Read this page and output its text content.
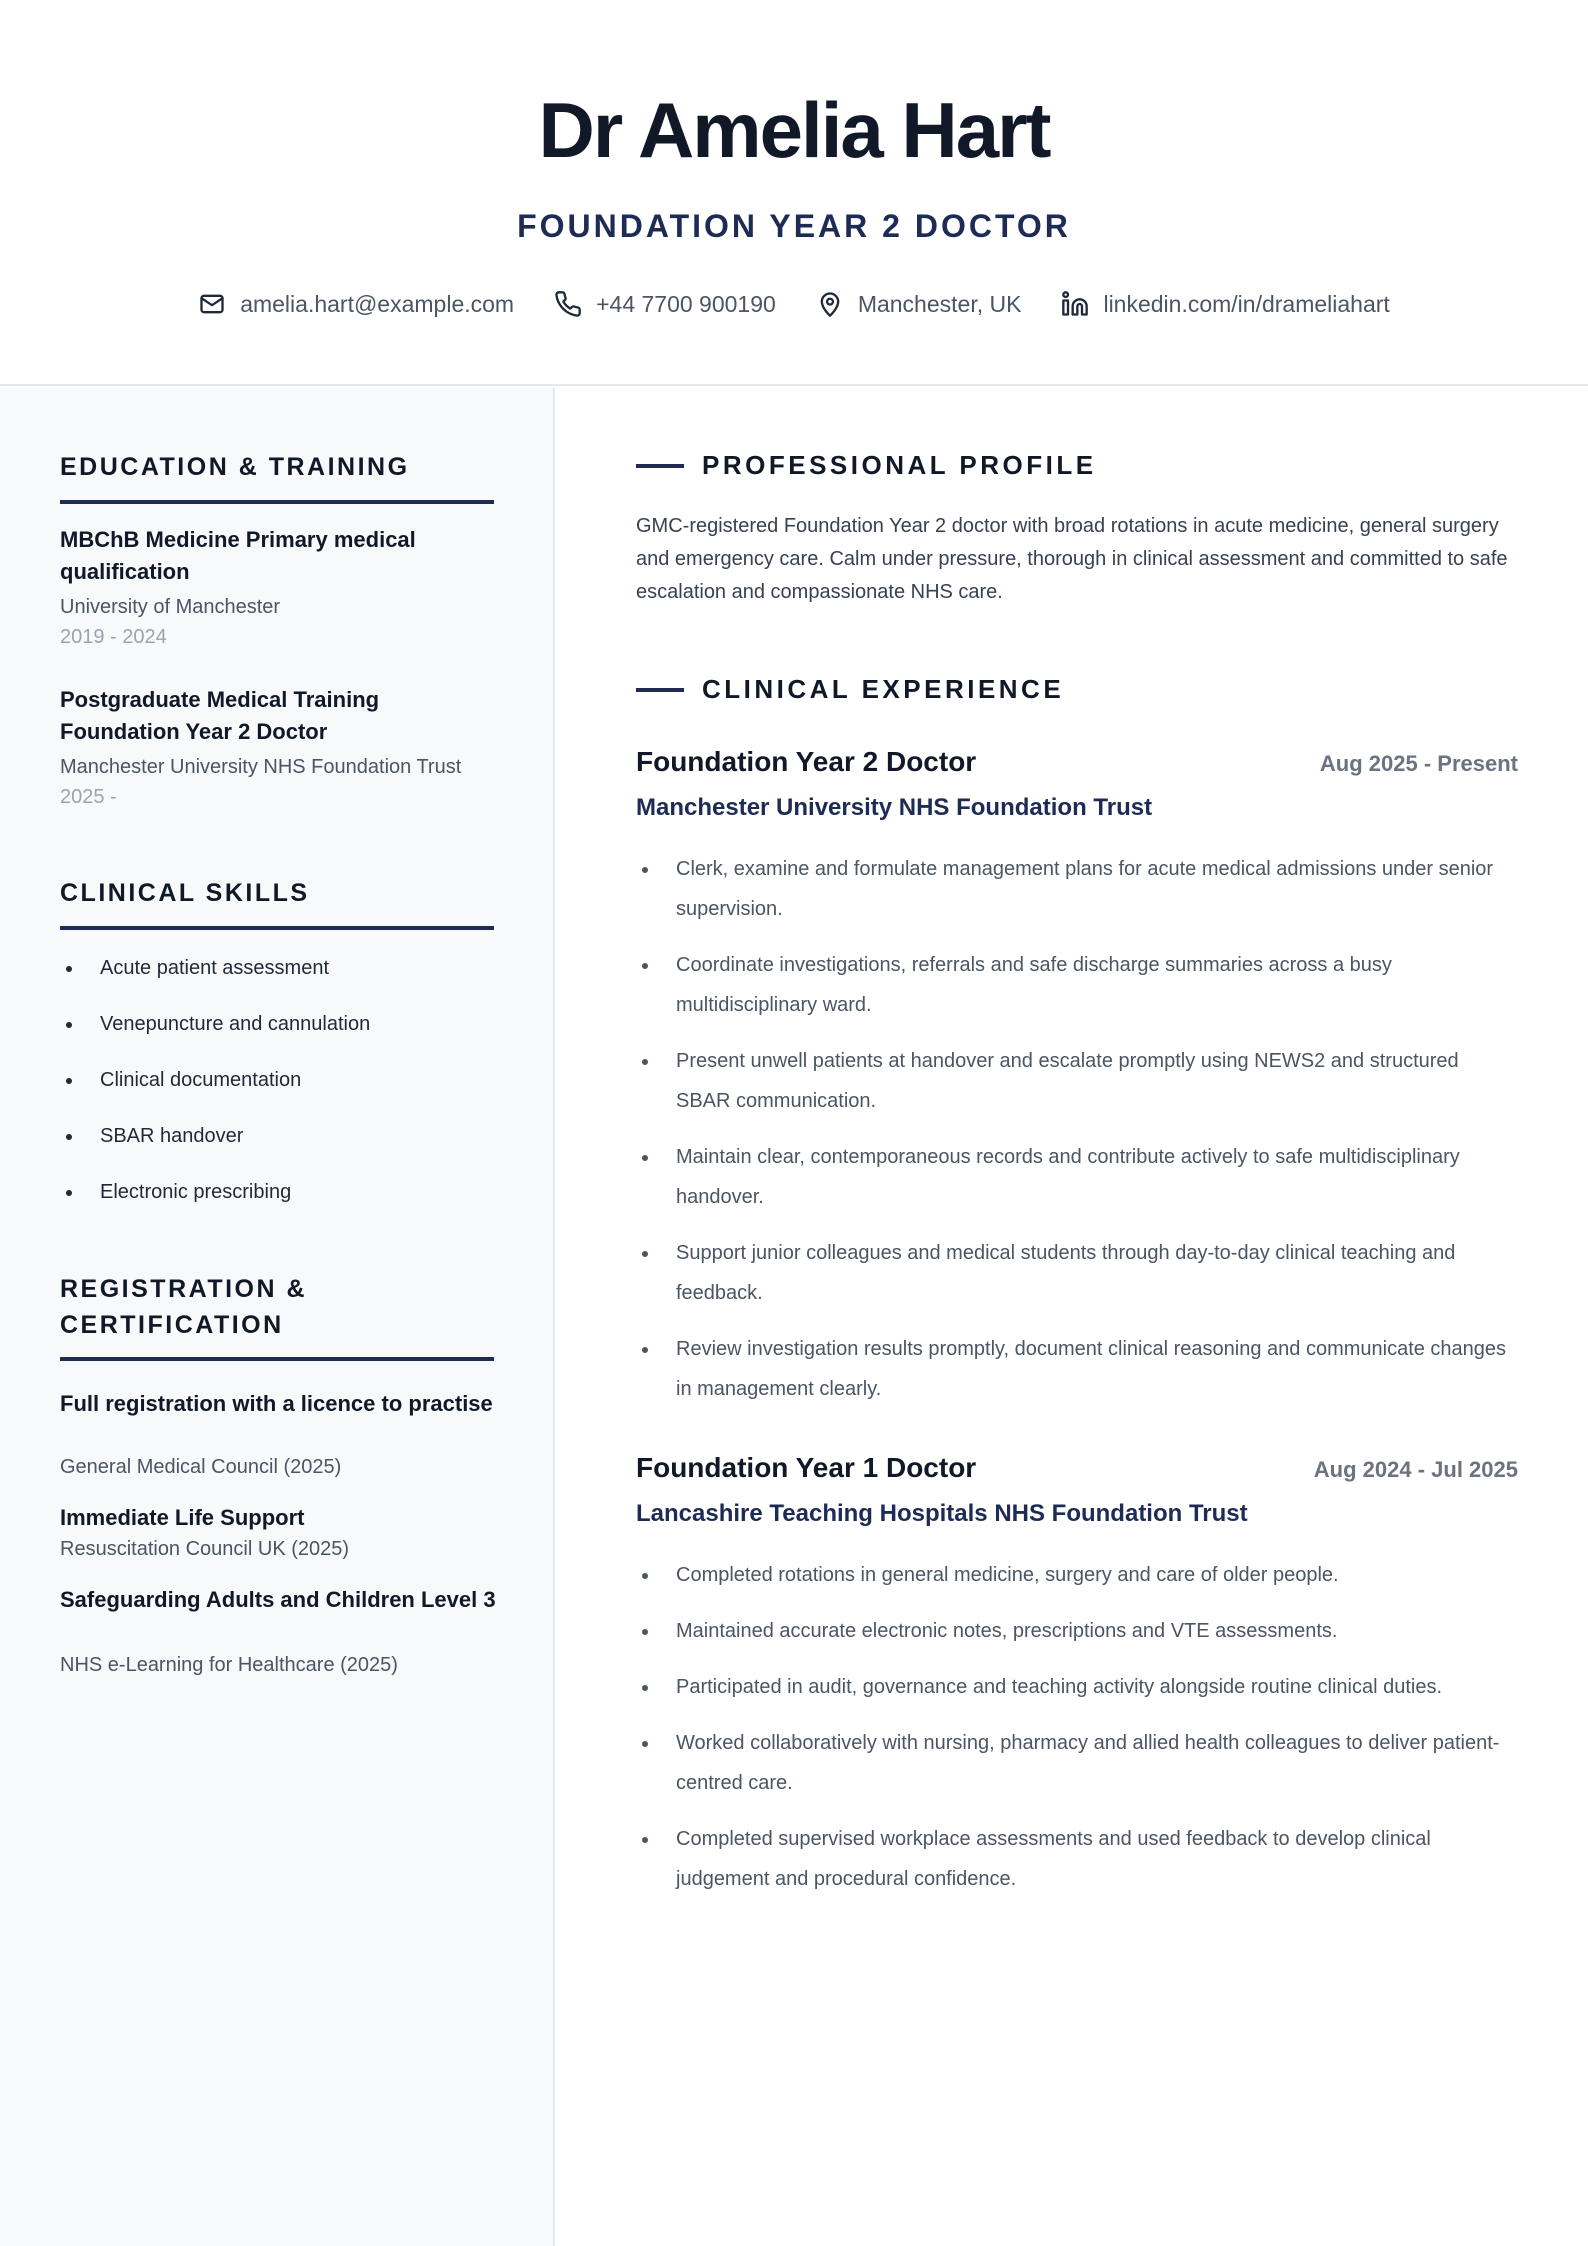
Dr Amelia Hart
FOUNDATION YEAR 2 DOCTOR
amelia.hart@example.com	+44 7700 900190	Manchester, UK	linkedin.com/in/drameliahart
EDUCATION & TRAINING
MBChB Medicine Primary medical qualification
University of Manchester
2019 - 2024
Postgraduate Medical Training Foundation Year 2 Doctor
Manchester University NHS Foundation Trust
2025 -
CLINICAL SKILLS
Acute patient assessment
Venepuncture and cannulation
Clinical documentation
SBAR handover
Electronic prescribing
REGISTRATION & CERTIFICATION
Full registration with a licence to practise
General Medical Council (2025)
Immediate Life Support
Resuscitation Council UK (2025)
Safeguarding Adults and Children Level 3
NHS e-Learning for Healthcare (2025)
PROFESSIONAL PROFILE

GMC-registered Foundation Year 2 doctor with broad rotations in acute medicine, general surgery and emergency care. Calm under pressure, thorough in clinical assessment and committed to safe escalation and compassionate NHS care.

CLINICAL EXPERIENCE
Foundation Year 2 Doctor	Aug 2025 - Present
Manchester University NHS Foundation Trust
Clerk, examine and formulate management plans for acute medical admissions under senior supervision.
Coordinate investigations, referrals and safe discharge summaries across a busy multidisciplinary ward.
Present unwell patients at handover and escalate promptly using NEWS2 and structured SBAR communication.
Maintain clear, contemporaneous records and contribute actively to safe multidisciplinary handover.
Support junior colleagues and medical students through day-to-day clinical teaching and feedback.
Review investigation results promptly, document clinical reasoning and communicate changes in management clearly.
Foundation Year 1 Doctor	Aug 2024 - Jul 2025
Lancashire Teaching Hospitals NHS Foundation Trust
Completed rotations in general medicine, surgery and care of older people.
Maintained accurate electronic notes, prescriptions and VTE assessments.
Participated in audit, governance and teaching activity alongside routine clinical duties.
Worked collaboratively with nursing, pharmacy and allied health colleagues to deliver patient-centred care.
Completed supervised workplace assessments and used feedback to develop clinical judgement and procedural confidence.
